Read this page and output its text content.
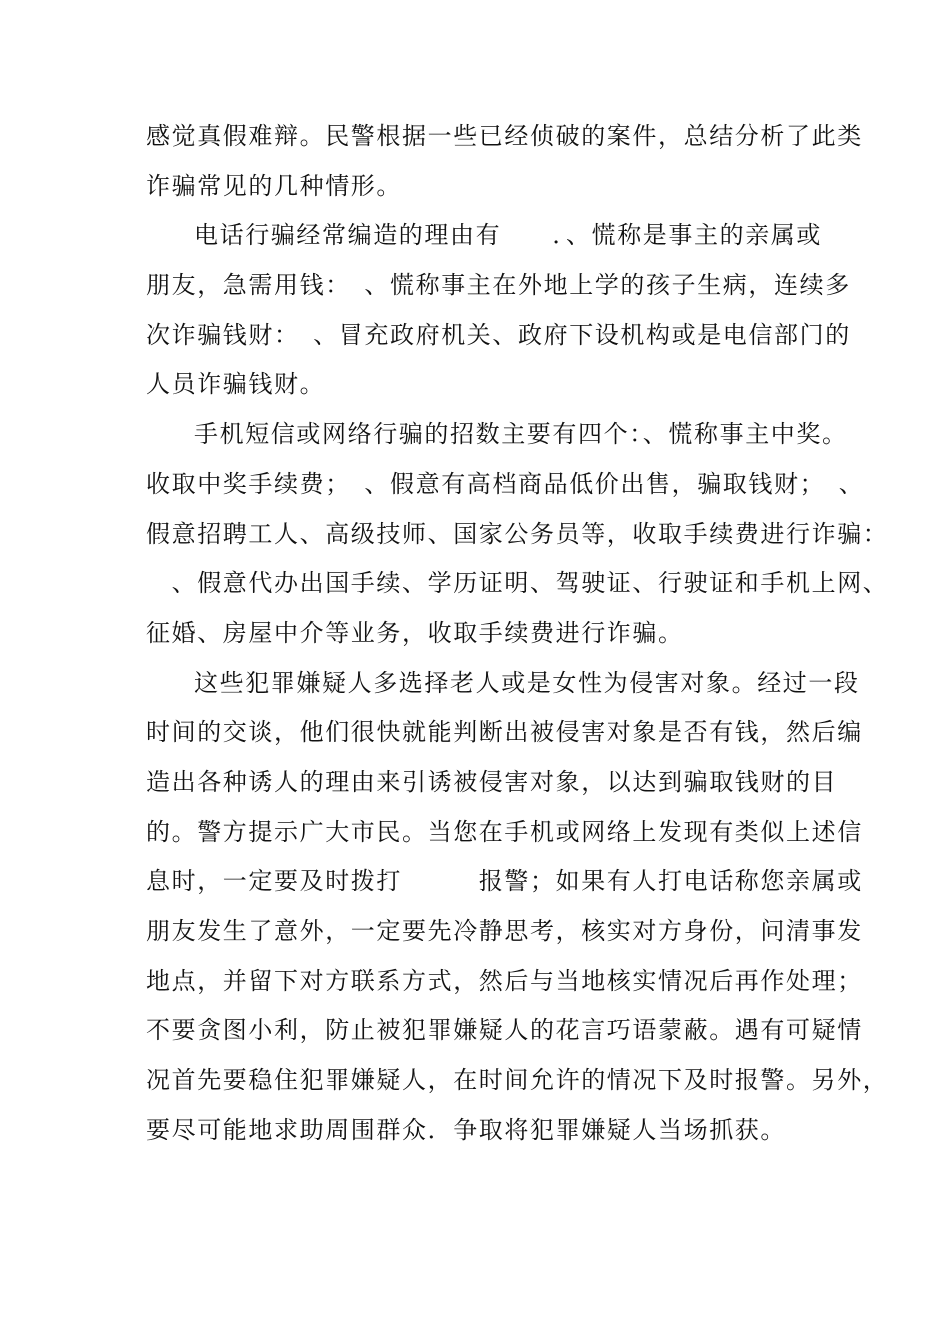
感觉真假难辩。民警根据一些已经侦破的案件，总结分析了此类
诈骗常见的几种情形。
电话行骗经常编造的理由有　　．、慌称是事主的亲属或
朋友，急需用钱：　、慌称事主在外地上学的孩子生病，连续多
次诈骗钱财：　、冒充政府机关、政府下设机构或是电信部门的
人员诈骗钱财。
手机短信或网络行骗的招数主要有四个：、慌称事主中奖。
收取中奖手续费；　、假意有高档商品低价出售，骗取钱财；　、
假意招聘工人、高级技师、国家公务员等，收取手续费进行诈骗：
　、假意代办出国手续、学历证明、驾驶证、行驶证和手机上网、
征婚、房屋中介等业务，收取手续费进行诈骗。
这些犯罪嫌疑人多选择老人或是女性为侵害对象。经过一段
时间的交谈，他们很快就能判断出被侵害对象是否有钱，然后编
造出各种诱人的理由来引诱被侵害对象，以达到骗取钱财的目
的。警方提示广大市民。当您在手机或网络上发现有类似上述信
息时，一定要及时拨打　　　报警；如果有人打电话称您亲属或
朋友发生了意外，一定要先冷静思考，核实对方身份，问清事发
地点，并留下对方联系方式，然后与当地核实情况后再作处理；
不要贪图小利，防止被犯罪嫌疑人的花言巧语蒙蔽。遇有可疑情
况首先要稳住犯罪嫌疑人，在时间允许的情况下及时报警。另外，
要尽可能地求助周围群众．争取将犯罪嫌疑人当场抓获。
